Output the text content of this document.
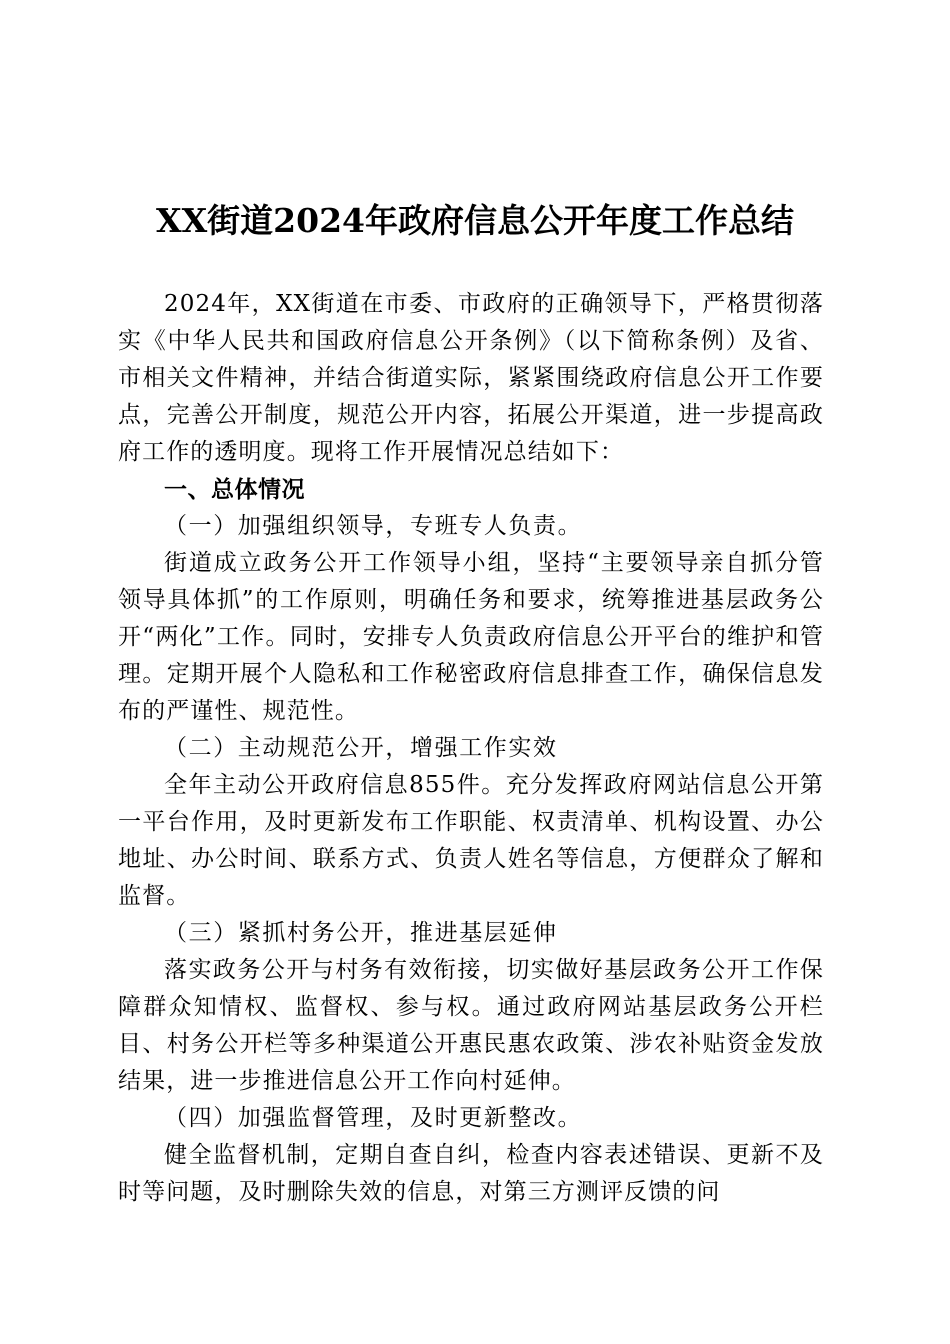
XX街道2024年政府信息公开年度工作总结

2024年，XX街道在市委、市政府的正确领导下，严格贯彻落实《中华人民共和国政府信息公开条例》（以下简称条例）及省、市相关文件精神，并结合街道实际，紧紧围绕政府信息公开工作要点，完善公开制度，规范公开内容，拓展公开渠道，进一步提高政府工作的透明度。现将工作开展情况总结如下：

一、总体情况

（一）加强组织领导，专班专人负责。

街道成立政务公开工作领导小组，坚持“主要领导亲自抓分管领导具体抓”的工作原则，明确任务和要求，统筹推进基层政务公开“两化”工作。同时，安排专人负责政府信息公开平台的维护和管理。定期开展个人隐私和工作秘密政府信息排查工作，确保信息发布的严谨性、规范性。

（二）主动规范公开，增强工作实效

全年主动公开政府信息855件。充分发挥政府网站信息公开第一平台作用，及时更新发布工作职能、权责清单、机构设置、办公地址、办公时间、联系方式、负责人姓名等信息，方便群众了解和监督。

（三）紧抓村务公开，推进基层延伸

落实政务公开与村务有效衔接，切实做好基层政务公开工作保障群众知情权、监督权、参与权。通过政府网站基层政务公开栏目、村务公开栏等多种渠道公开惠民惠农政策、涉农补贴资金发放结果，进一步推进信息公开工作向村延伸。

（四）加强监督管理，及时更新整改。

健全监督机制，定期自查自纠，检查内容表述错误、更新不及时等问题，及时删除失效的信息，对第三方测评反馈的问
